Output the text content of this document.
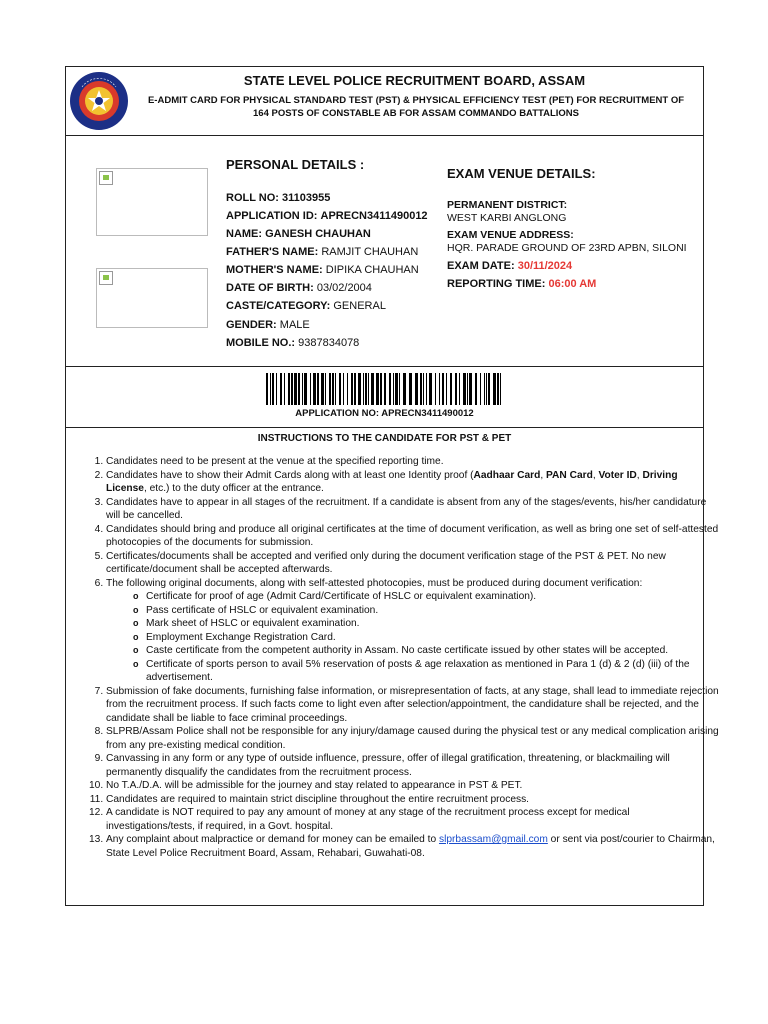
STATE LEVEL POLICE RECRUITMENT BOARD, ASSAM
E-ADMIT CARD FOR PHYSICAL STANDARD TEST (PST) & PHYSICAL EFFICIENCY TEST (PET) FOR RECRUITMENT OF
164 POSTS OF CONSTABLE AB FOR ASSAM COMMANDO BATTALIONS
PERSONAL DETAILS :
ROLL NO: 31103955
APPLICATION ID: APRECN3411490012
NAME: GANESH CHAUHAN
FATHER'S NAME: RAMJIT CHAUHAN
MOTHER'S NAME: DIPIKA CHAUHAN
DATE OF BIRTH: 03/02/2004
CASTE/CATEGORY: GENERAL
GENDER: MALE
MOBILE NO.: 9387834078
EXAM VENUE DETAILS:
PERMANENT DISTRICT:
WEST KARBI ANGLONG
EXAM VENUE ADDRESS:
HQR. PARADE GROUND OF 23RD APBN, SILONI
EXAM DATE: 30/11/2024
REPORTING TIME: 06:00 AM
APPLICATION NO: APRECN3411490012
INSTRUCTIONS TO THE CANDIDATE FOR PST & PET
1. Candidates need to be present at the venue at the specified reporting time.
2. Candidates have to show their Admit Cards along with at least one Identity proof (Aadhaar Card, PAN Card, Voter ID, Driving License, etc.) to the duty officer at the entrance.
3. Candidates have to appear in all stages of the recruitment. If a candidate is absent from any of the stages/events, his/her candidature will be cancelled.
4. Candidates should bring and produce all original certificates at the time of document verification, as well as bring one set of self-attested photocopies of the documents for submission.
5. Certificates/documents shall be accepted and verified only during the document verification stage of the PST & PET. No new certificate/document shall be accepted afterwards.
6. The following original documents, along with self-attested photocopies, must be produced during document verification:
o Certificate for proof of age (Admit Card/Certificate of HSLC or equivalent examination).
o Pass certificate of HSLC or equivalent examination.
o Mark sheet of HSLC or equivalent examination.
o Employment Exchange Registration Card.
o Caste certificate from the competent authority in Assam. No caste certificate issued by other states will be accepted.
o Certificate of sports person to avail 5% reservation of posts & age relaxation as mentioned in Para 1 (d) & 2 (d) (iii) of the advertisement.
7. Submission of fake documents, furnishing false information, or misrepresentation of facts, at any stage, shall lead to immediate rejection from the recruitment process. If such facts come to light even after selection/appointment, the candidature shall be rejected, and the candidate shall be liable to face criminal proceedings.
8. SLPRB/Assam Police shall not be responsible for any injury/damage caused during the physical test or any medical complication arising from any pre-existing medical condition.
9. Canvassing in any form or any type of outside influence, pressure, offer of illegal gratification, threatening, or blackmailing will permanently disqualify the candidates from the recruitment process.
10. No T.A./D.A. will be admissible for the journey and stay related to appearance in PST & PET.
11. Candidates are required to maintain strict discipline throughout the entire recruitment process.
12. A candidate is NOT required to pay any amount of money at any stage of the recruitment process except for medical investigations/tests, if required, in a Govt. hospital.
13. Any complaint about malpractice or demand for money can be emailed to slprbassam@gmail.com or sent via post/courier to Chairman, State Level Police Recruitment Board, Assam, Rehabari, Guwahati-08.
